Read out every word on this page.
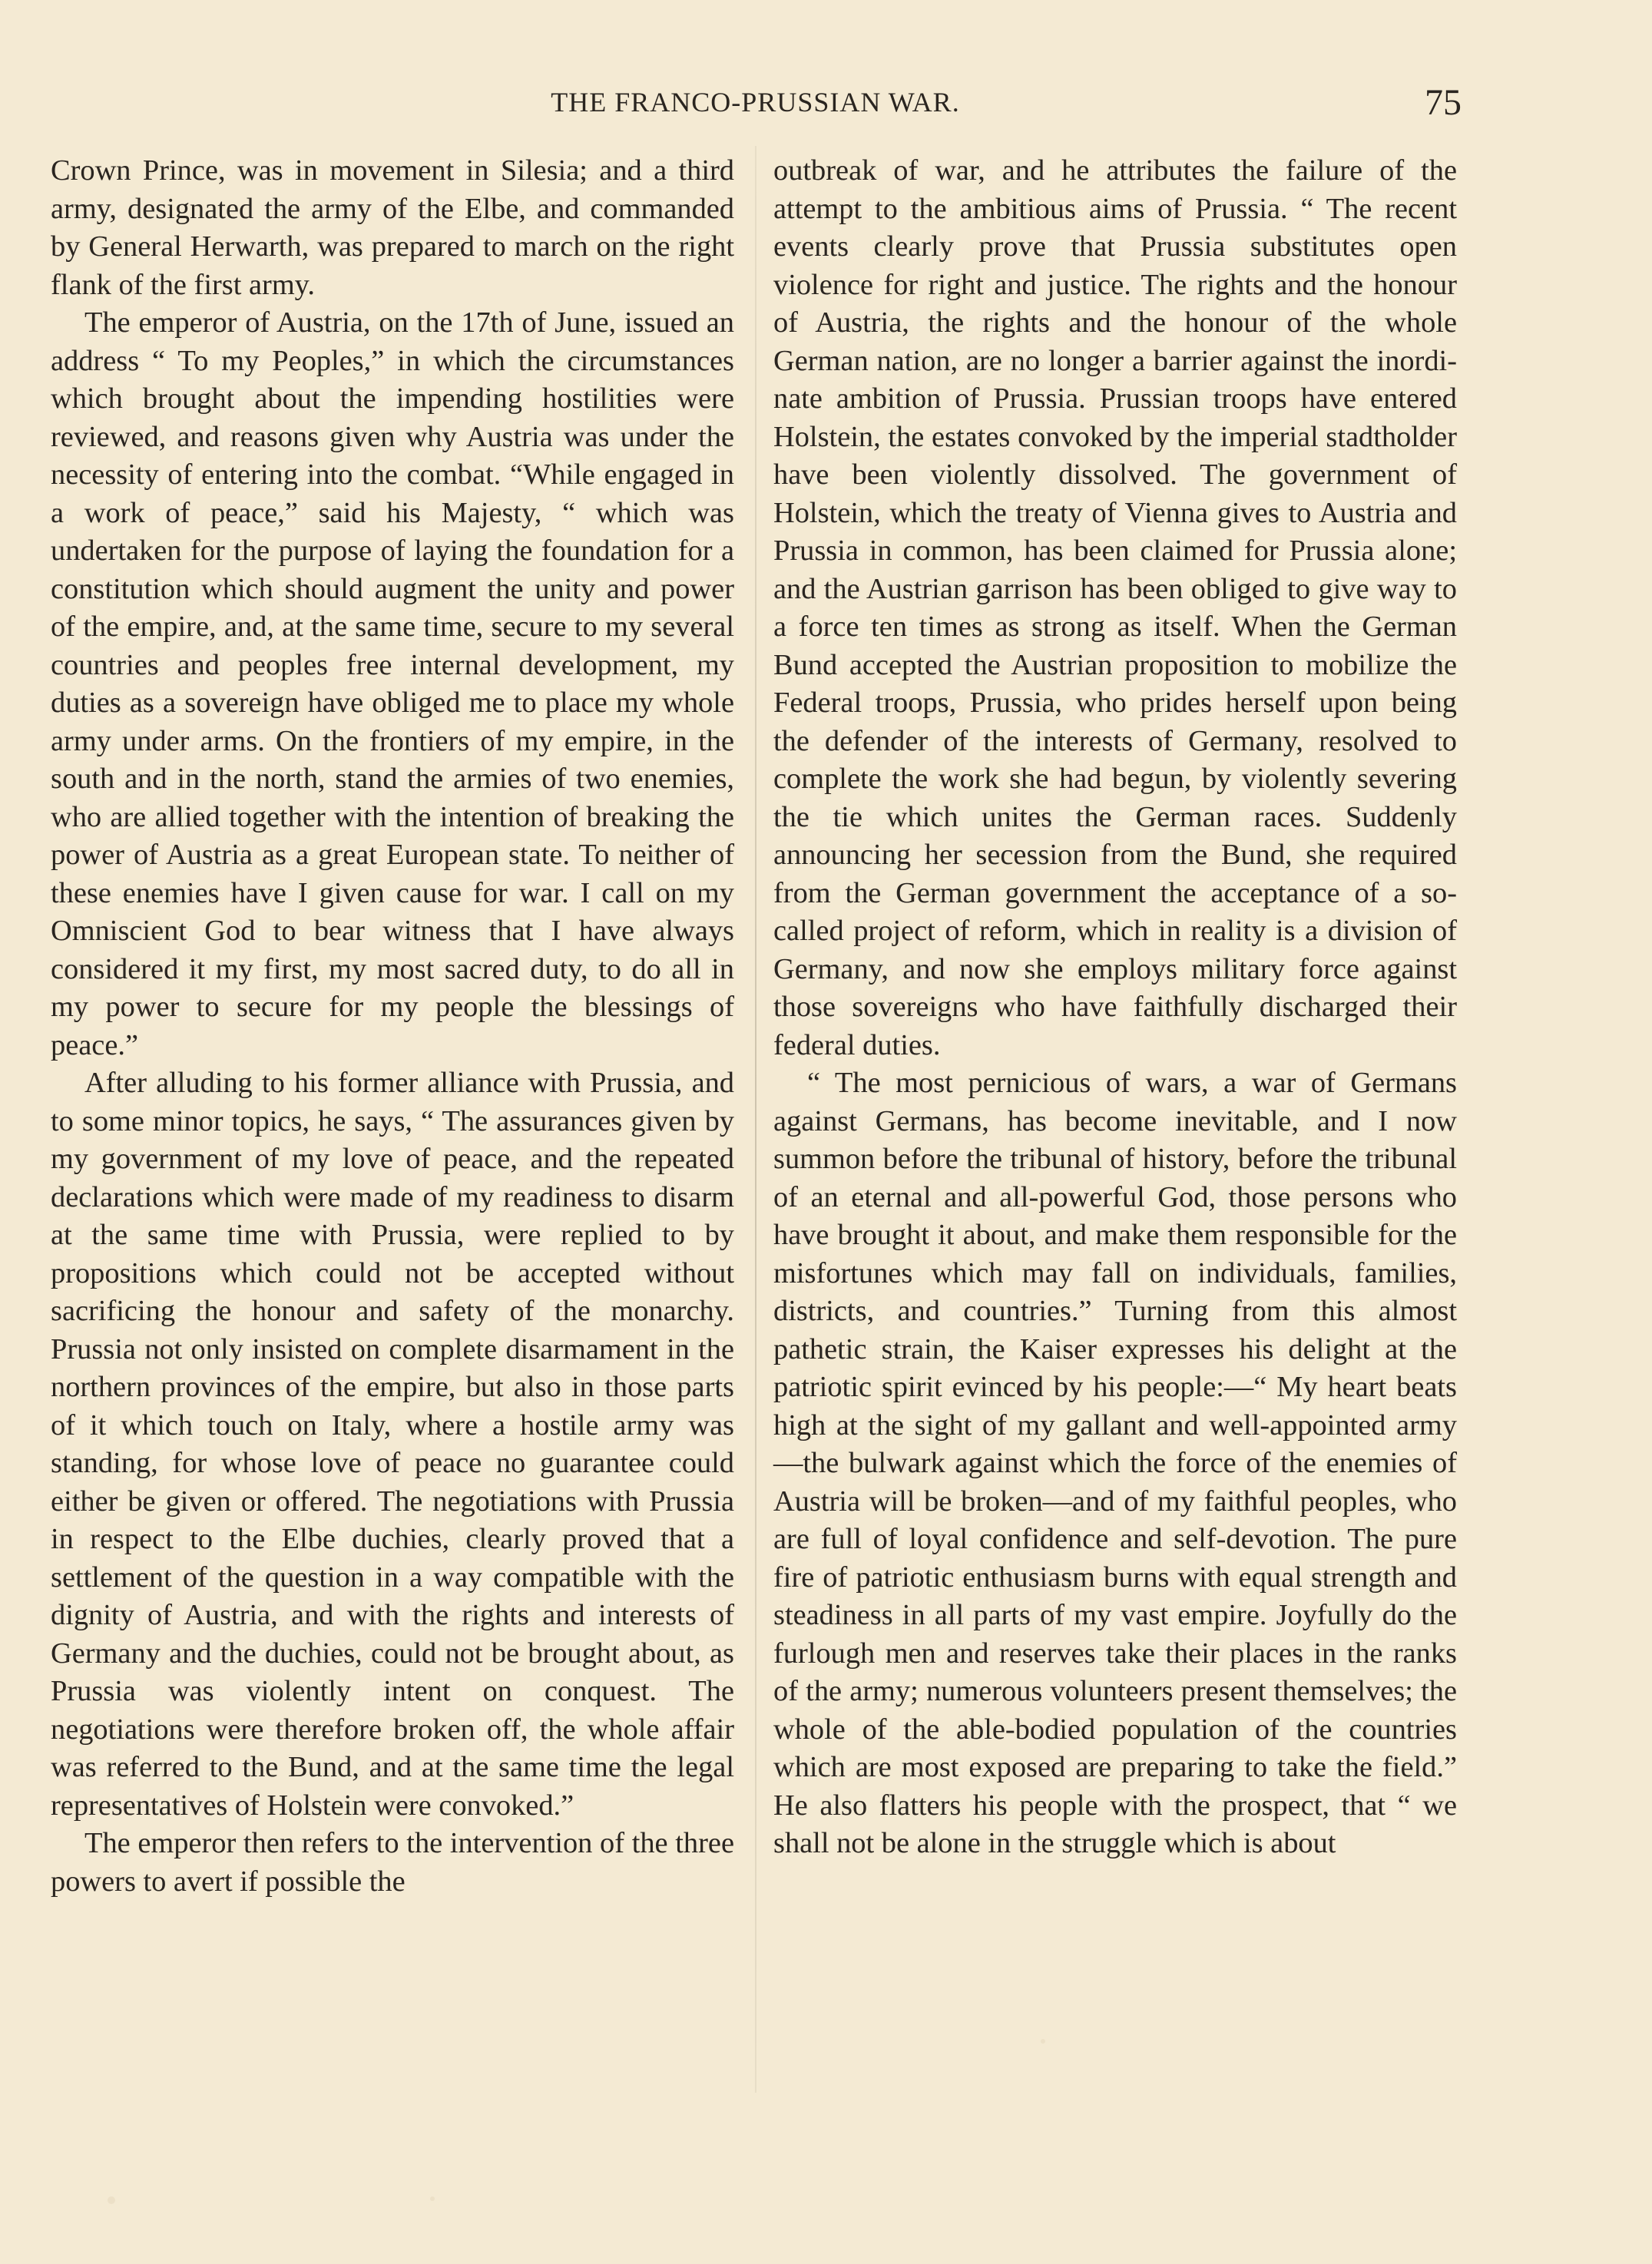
THE FRANCO-PRUSSIAN WAR.	75

Crown Prince, was in movement in Silesia; and a third army, designated the army of the Elbe, and commanded by General Herwarth, was prepared to march on the right flank of the first army.

The emperor of Austria, on the 17th of June, issued an address “ To my Peoples,” in which the circumstances which brought about the impending hostilities were reviewed, and reasons given why Austria was under the necessity of entering into the combat. “While engaged in a work of peace,” said his Majesty, “ which was undertaken for the purpose of laying the foundation for a constitution which should augment the unity and power of the empire, and, at the same time, secure to my several countries and peoples free internal development, my duties as a sovereign have obliged me to place my whole army under arms. On the frontiers of my empire, in the south and in the north, stand the armies of two enemies, who are allied together with the intention of breaking the power of Austria as a great European state. To neither of these enemies have I given cause for war. I call on my Omniscient God to bear witness that I have always considered it my first, my most sacred duty, to do all in my power to secure for my people the blessings of peace.”

After alluding to his former alliance with Prussia, and to some minor topics, he says, “ The assurances given by my government of my love of peace, and the repeated declarations which were made of my readiness to disarm at the same time with Prussia, were replied to by propositions which could not be accepted without sacrificing the honour and safety of the monarchy. Prussia not only insisted on complete disarmament in the northern provinces of the empire, but also in those parts of it which touch on Italy, where a hostile army was standing, for whose love of peace no guarantee could either be given or offered. The negotiations with Prussia in respect to the Elbe duchies, clearly proved that a settlement of the question in a way compatible with the dignity of Austria, and with the rights and interests of Germany and the duchies, could not be brought about, as Prussia was violently intent on conquest. The negotiations were therefore broken off, the whole affair was referred to the Bund, and at the same time the legal representatives of Holstein were convoked.”

The emperor then refers to the intervention of the three powers to avert if possible the

outbreak of war, and he attributes the failure of the attempt to the ambitious aims of Prussia. “ The recent events clearly prove that Prussia substitutes open violence for right and justice. The rights and the honour of Austria, the rights and the honour of the whole German nation, are no longer a barrier against the inordinate ambition of Prussia. Prussian troops have entered Holstein, the estates convoked by the imperial stadtholder have been violently dissolved. The government of Holstein, which the treaty of Vienna gives to Austria and Prussia in common, has been claimed for Prussia alone; and the Austrian garrison has been obliged to give way to a force ten times as strong as itself. When the German Bund accepted the Austrian proposition to mobilize the Federal troops, Prussia, who prides herself upon being the defender of the interests of Germany, resolved to complete the work she had begun, by violently severing the tie which unites the German races. Suddenly announcing her secession from the Bund, she required from the German government the acceptance of a so-called project of reform, which in reality is a division of Germany, and now she employs military force against those sovereigns who have faithfully discharged their federal duties.

“ The most pernicious of wars, a war of Germans against Germans, has become inevitable, and I now summon before the tribunal of history, before the tribunal of an eternal and all-powerful God, those persons who have brought it about, and make them responsible for the misfortunes which may fall on individuals, families, districts, and countries.” Turning from this almost pathetic strain, the Kaiser expresses his delight at the patriotic spirit evinced by his people:—“ My heart beats high at the sight of my gallant and well-appointed army—the bulwark against which the force of the enemies of Austria will be broken—and of my faithful peoples, who are full of loyal confidence and self-devotion. The pure fire of patriotic enthusiasm burns with equal strength and steadiness in all parts of my vast empire. Joyfully do the furlough men and reserves take their places in the ranks of the army; numerous volunteers present themselves; the whole of the able-bodied population of the countries which are most exposed are preparing to take the field.” He also flatters his people with the prospect, that “ we shall not be alone in the struggle which is about
